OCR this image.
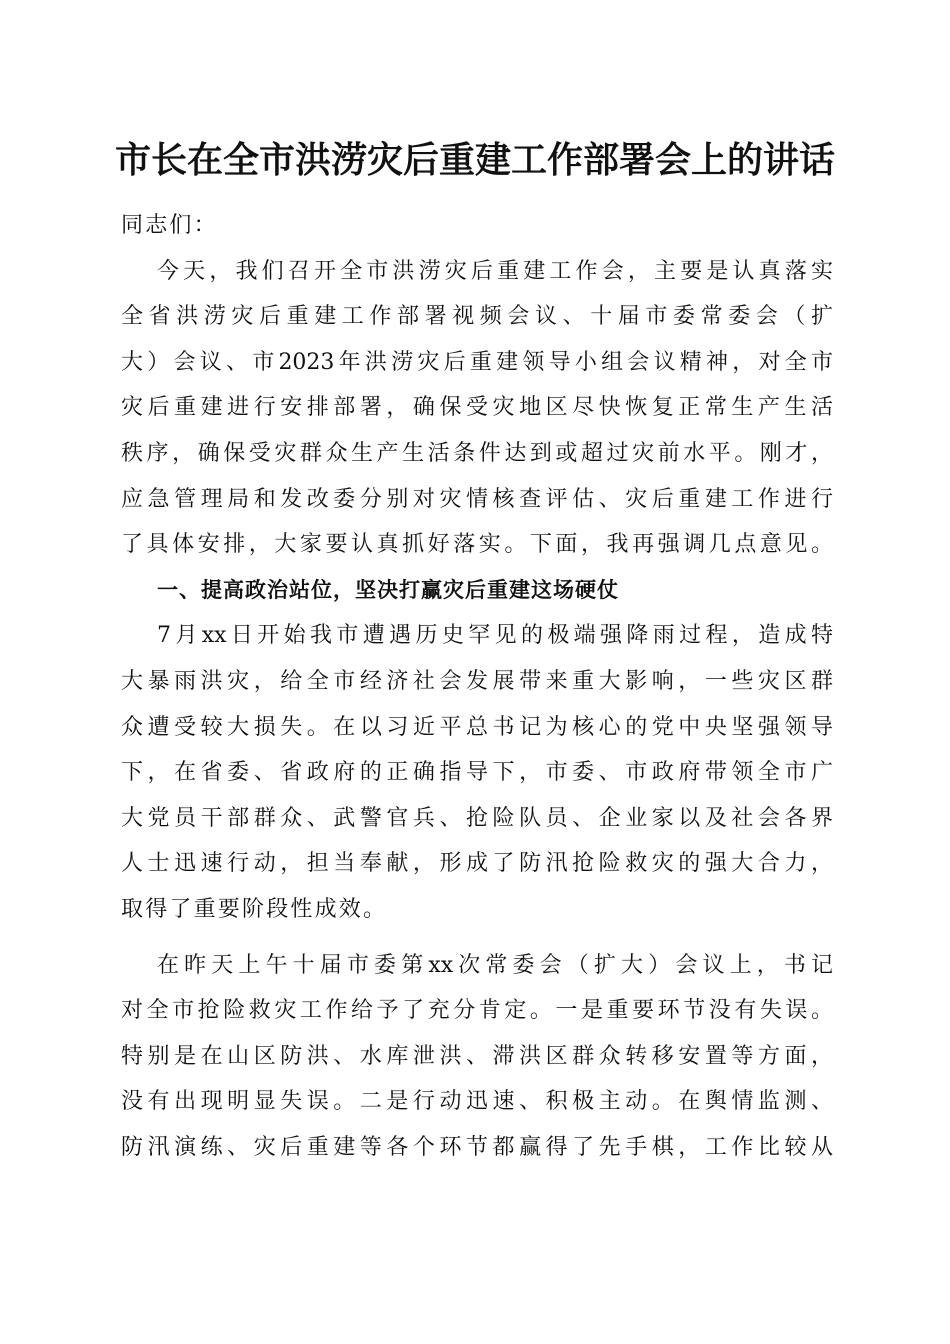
市长在全市洪涝灾后重建工作部署会上的讲话

同志们：

今天，我们召开全市洪涝灾后重建工作会，主要是认真落实

全省洪涝灾后重建工作部署视频会议、十届市委常委会（扩

大）会议、市2023年洪涝灾后重建领导小组会议精神，对全市

灾后重建进行安排部署，确保受灾地区尽快恢复正常生产生活

秩序，确保受灾群众生产生活条件达到或超过灾前水平。刚才，

应急管理局和发改委分别对灾情核查评估、灾后重建工作进行

了具体安排，大家要认真抓好落实。下面，我再强调几点意见。

一、提高政治站位，坚决打赢灾后重建这场硬仗

7月xx日开始我市遭遇历史罕见的极端强降雨过程，造成特

大暴雨洪灾，给全市经济社会发展带来重大影响，一些灾区群

众遭受较大损失。在以习近平总书记为核心的党中央坚强领导

下，在省委、省政府的正确指导下，市委、市政府带领全市广

大党员干部群众、武警官兵、抢险队员、企业家以及社会各界

人士迅速行动，担当奉献，形成了防汛抢险救灾的强大合力，

取得了重要阶段性成效。

在昨天上午十届市委第xx次常委会（扩大）会议上，书记

对全市抢险救灾工作给予了充分肯定。一是重要环节没有失误。

特别是在山区防洪、水库泄洪、滞洪区群众转移安置等方面，

没有出现明显失误。二是行动迅速、积极主动。在舆情监测、

防汛演练、灾后重建等各个环节都赢得了先手棋，工作比较从
